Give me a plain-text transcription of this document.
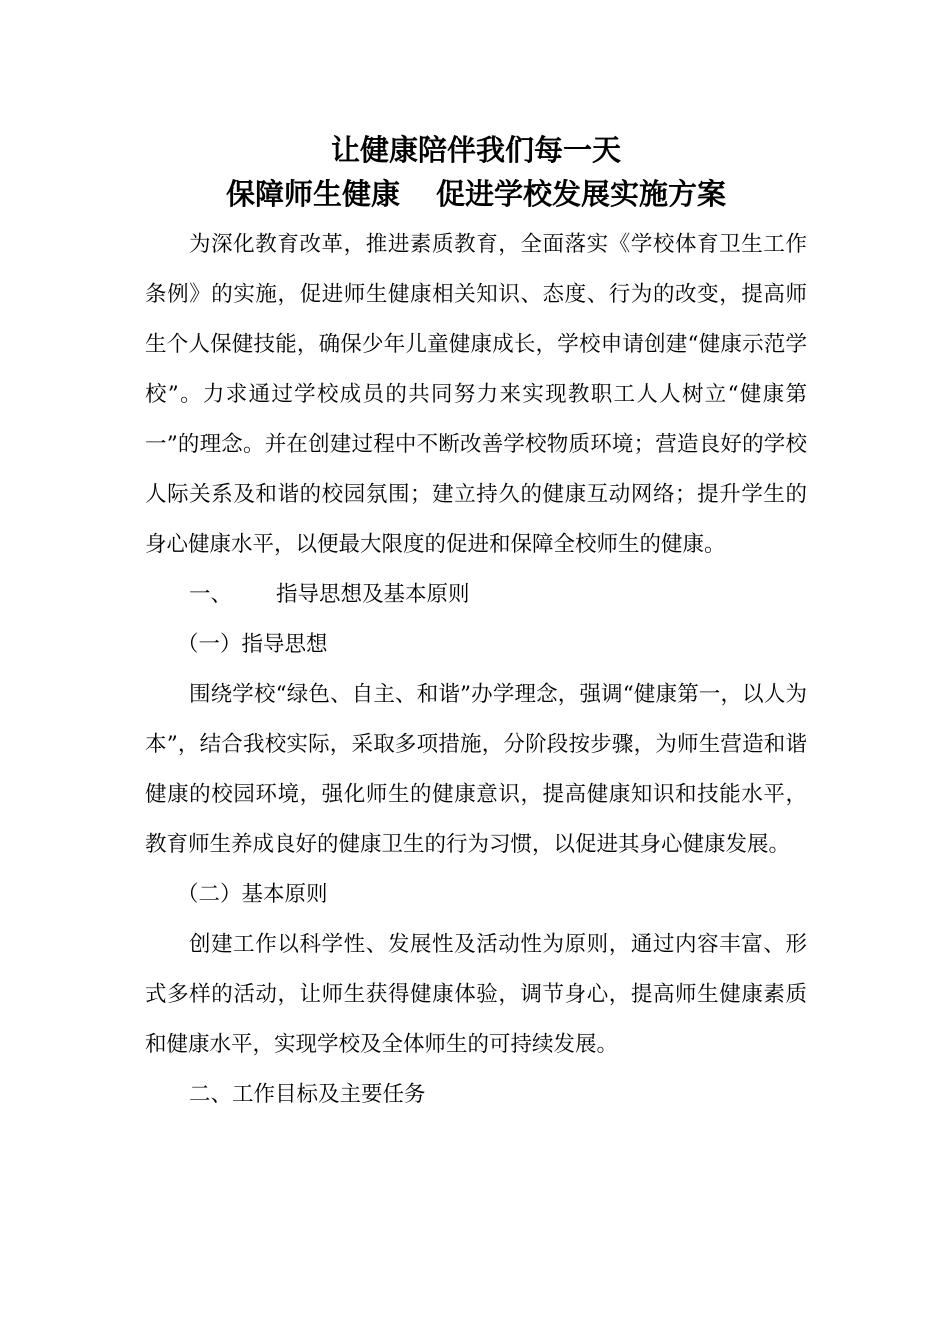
让健康陪伴我们每一天
保障师生健康 促进学校发展实施方案

为深化教育改革，推进素质教育，全面落实《学校体育卫生工作条例》的实施，促进师生健康相关知识、态度、行为的改变，提高师生个人保健技能，确保少年儿童健康成长，学校申请创建“健康示范学校”。力求通过学校成员的共同努力来实现教职工人人树立“健康第一”的理念。并在创建过程中不断改善学校物质环境；营造良好的学校人际关系及和谐的校园氛围；建立持久的健康互动网络；提升学生的身心健康水平，以便最大限度的促进和保障全校师生的健康。

一、 指导思想及基本原则

（一）指导思想

围绕学校“绿色、自主、和谐”办学理念，强调“健康第一，以人为本”，结合我校实际，采取多项措施，分阶段按步骤，为师生营造和谐健康的校园环境，强化师生的健康意识，提高健康知识和技能水平，教育师生养成良好的健康卫生的行为习惯，以促进其身心健康发展。

（二）基本原则

创建工作以科学性、发展性及活动性为原则，通过内容丰富、形式多样的活动，让师生获得健康体验，调节身心，提高师生健康素质和健康水平，实现学校及全体师生的可持续发展。

二、工作目标及主要任务
